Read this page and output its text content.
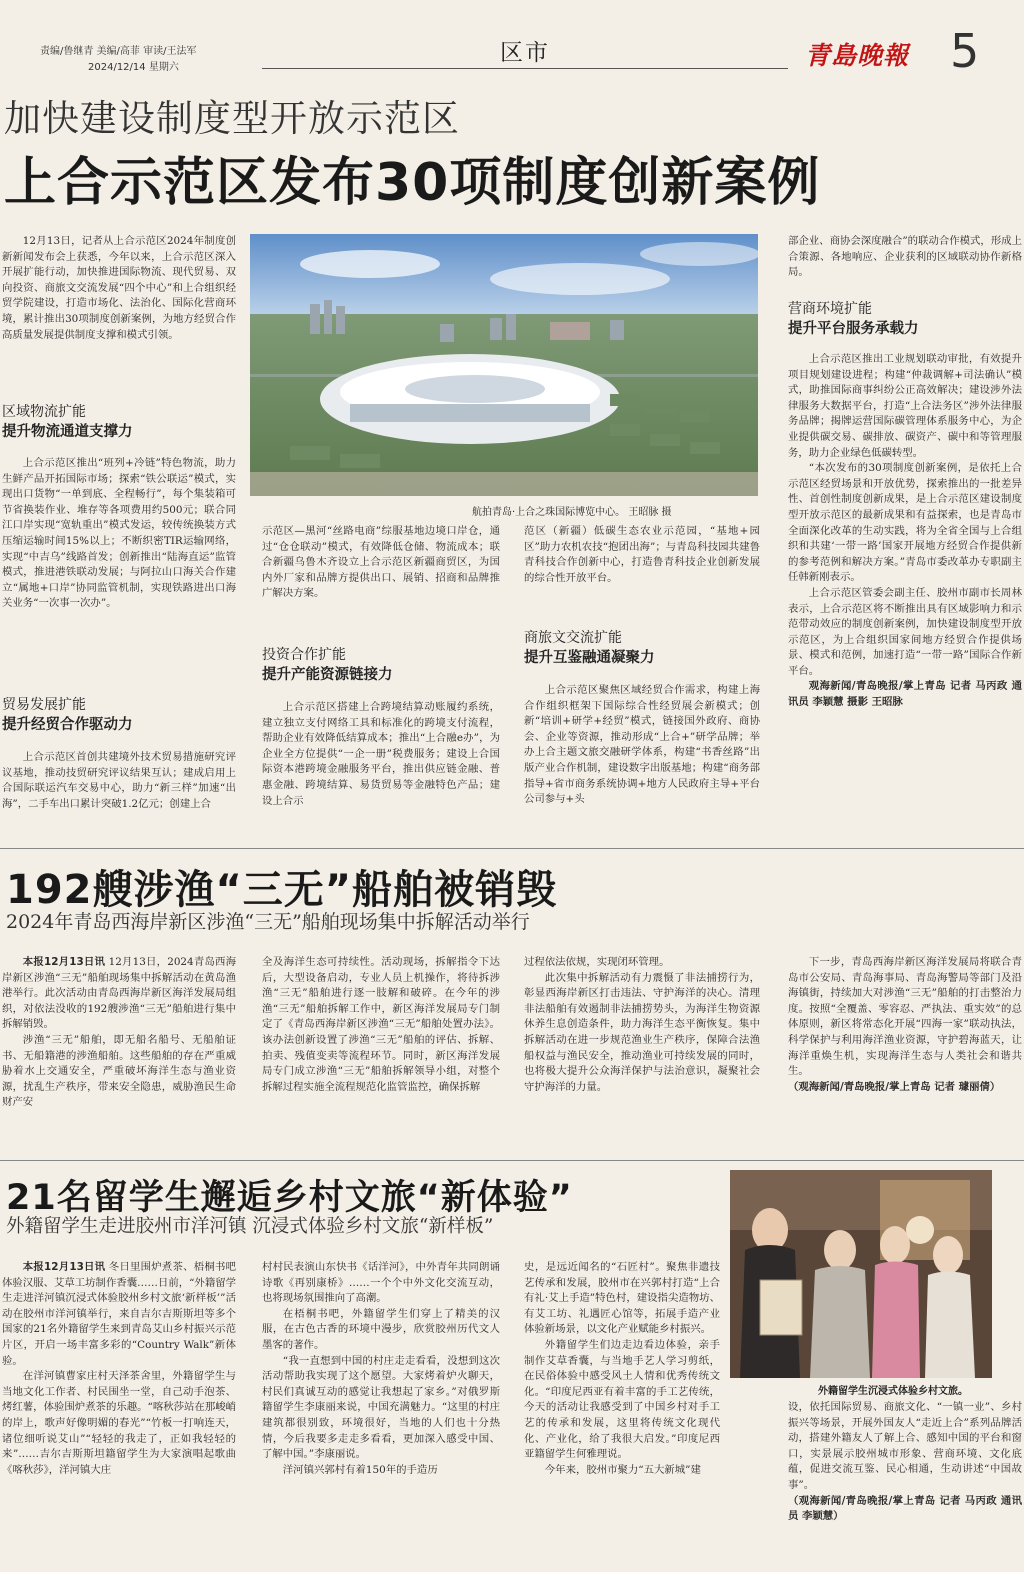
责编/鲁继青 美编/高菲 审读/王法军
2024/12/14 星期六
区市	青島晚報 5
加快建设制度型开放示范区
上合示范区发布30项制度创新案例

12月13日，记者从上合示范区2024年制度创新新闻发布会上获悉，今年以来，上合示范区深入开展扩能行动，加快推进国际物流、现代贸易、双向投资、商旅文交流发展“四个中心”和上合组织经贸学院建设，打造市场化、法治化、国际化营商环境，累计推出30项制度创新案例，为地方经贸合作高质量发展提供制度支撑和模式引领。

区域物流扩能
提升物流通道支撑力

上合示范区推出“班列+冷链”特色物流，助力生鲜产品开拓国际市场；探索“铁公联运”模式，实现出口货物“一单到底、全程畅行”，每个集装箱可节省换装作业、堆存等各项费用约500元；联合同江口岸实现“宽轨重出”模式发运，较传统换装方式压缩运输时间15%以上；不断织密TIR运输网络，实现“中吉乌”线路首发；创新推出“陆海直运”监管模式，推进港铁联动发展；与阿拉山口海关合作建立“属地+口岸”协同监管机制，实现铁路进出口海关业务“一次事一次办”。

贸易发展扩能
提升经贸合作驱动力

上合示范区首创共建境外技术贸易措施研究评议基地，推动技贸研究评议结果互认；建成启用上合国际联运汽车交易中心，助力“新三样”加速“出海”，二手车出口累计突破1.2亿元；创建上合

航拍青岛·上合之珠国际博览中心。 王昭脉 摄

示范区—黑河“丝路电商”综服基地边境口岸仓，通过“仓仓联动”模式，有效降低仓储、物流成本；联合新疆乌鲁木齐设立上合示范区新疆商贸区，为国内外厂家和品牌方提供出口、展销、招商和品牌推广解决方案。

投资合作扩能
提升产能资源链接力

上合示范区搭建上合跨境结算动账履约系统，建立独立支付网络工具和标准化的跨境支付流程，帮助企业有效降低结算成本；推出“上合融e办”，为企业全方位提供“一企一册”税费服务；建设上合国际资本港跨境金融服务平台，推出供应链金融、普惠金融、跨境结算、易货贸易等金融特色产品；建设上合示

范区（新疆）低碳生态农业示范园，“基地+园区”助力农机农技“抱团出海”；与青岛科技园共建鲁青科技合作创新中心，打造鲁青科技企业创新发展的综合性开放平台。

商旅文交流扩能
提升互鉴融通凝聚力

上合示范区聚焦区域经贸合作需求，构建上海合作组织框架下国际综合性经贸展会新模式；创新“培训+研学+经贸”模式，链接国外政府、商协会、企业等资源，推动形成“上合+”研学品牌；举办上合主题文旅交融研学体系，构建“书香丝路”出版产业合作机制，建设数字出版基地；构建“商务部指导+省市商务系统协调+地方人民政府主导+平台公司参与+头

部企业、商协会深度融合”的联动合作模式，形成上合策源、各地响应、企业获利的区域联动协作新格局。

营商环境扩能
提升平台服务承载力

上合示范区推出工业规划联动审批，有效提升项目规划建设进程；构建“仲裁调解+司法确认”模式，助推国际商事纠纷公正高效解决；建设涉外法律服务大数据平台，打造“上合法务区”涉外法律服务品牌；揭牌运营国际碳管理体系服务中心，为企业提供碳交易、碳排放、碳资产、碳中和等管理服务，助力企业绿色低碳转型。

“本次发布的30项制度创新案例，是依托上合示范区经贸场景和开放优势，探索推出的一批差异性、首创性制度创新成果，是上合示范区建设制度型开放示范区的最新成果和有益探索，也是青岛市全面深化改革的生动实践，将为全省全国与上合组织和共建‘一带一路’国家开展地方经贸合作提供新的参考范例和解决方案。”青岛市委改革办专职副主任韩新刚表示。

上合示范区管委会副主任、胶州市副市长周林表示，上合示范区将不断推出具有区域影响力和示范带动效应的制度创新案例，加快建设制度型开放示范区，为上合组织国家间地方经贸合作提供场景、模式和范例，加速打造“一带一路”国际合作新平台。

观海新闻/青岛晚报/掌上青岛 记者 马丙政 通讯员 李颖慧 摄影 王昭脉

192艘涉渔“三无”船舶被销毁
2024年青岛西海岸新区涉渔“三无”船舶现场集中拆解活动举行

本报12月13日讯 12月13日，2024青岛西海岸新区涉渔“三无”船舶现场集中拆解活动在黄岛渔港举行。此次活动由青岛西海岸新区海洋发展局组织，对依法没收的192艘涉渔“三无”船舶进行集中拆解销毁。

涉渔“三无”船舶，即无船名船号、无船舶证书、无船籍港的涉渔船舶。这些船舶的存在严重威胁着水上交通安全，严重破坏海洋生态与渔业资源，扰乱生产秩序，带来安全隐患，威胁渔民生命财产安

全及海洋生态可持续性。活动现场，拆解指令下达后，大型设备启动，专业人员上机操作，将待拆涉渔“三无”船舶进行逐一肢解和破碎。在今年的涉渔“三无”船舶拆解工作中，新区海洋发展局专门制定了《青岛西海岸新区涉渔“三无”船舶处置办法》。该办法创新设置了涉渔“三无”船舶的评估、拆解、拍卖、残值变卖等流程环节。同时，新区海洋发展局专门成立涉渔“三无”船舶拆解领导小组，对整个拆解过程实施全流程规范化监管监控，确保拆解

过程依法依规，实现闭环管理。

此次集中拆解活动有力震慑了非法捕捞行为，彰显西海岸新区打击违法、守护海洋的决心。清理非法船舶有效遏制非法捕捞势头，为海洋生物资源休养生息创造条件，助力海洋生态平衡恢复。集中拆解活动在进一步规范渔业生产秩序，保障合法渔船权益与渔民安全，推动渔业可持续发展的同时，也将极大提升公众海洋保护与法治意识，凝聚社会守护海洋的力量。

下一步，青岛西海岸新区海洋发展局将联合青岛市公安局、青岛海事局、青岛海警局等部门及沿海镇街，持续加大对涉渔“三无”船舶的打击整治力度。按照“全覆盖、零容忍、严执法、重实效”的总体原则，新区将常态化开展“四海一家”联动执法，科学保护与利用海洋渔业资源，守护碧海蓝天，让海洋重焕生机，实现海洋生态与人类社会和谐共生。

（观海新闻/青岛晚报/掌上青岛 记者 璩丽倩）

21名留学生邂逅乡村文旅“新体验”
外籍留学生走进胶州市洋河镇 沉浸式体验乡村文旅“新样板”
外籍留学生沉浸式体验乡村文旅。

本报12月13日讯 冬日里围炉煮茶、梧桐书吧体验汉服、艾草工坊制作香囊……日前，“外籍留学生走进洋河镇沉浸式体验胶州乡村文旅‘新样板’”活动在胶州市洋河镇举行，来自吉尔吉斯斯坦等多个国家的21名外籍留学生来到青岛艾山乡村振兴示范片区，开启一场丰富多彩的“Country Walk”新体验。

在洋河镇曹家庄村天泽茶舍里，外籍留学生与当地文化工作者、村民围坐一堂，自己动手泡茶、烤红薯，体验围炉煮茶的乐趣。“喀秋莎站在那峻峭的岸上，歌声好像明媚的春光”“竹板一打响连天，诸位细听说艾山”“轻轻的我走了，正如我轻轻的来”……吉尔吉斯斯坦籍留学生为大家演唱起歌曲《喀秋莎》，洋河镇大庄

村村民表演山东快书《话洋河》，中外青年共同朗诵诗歌《再别康桥》……一个个中外文化交流互动，也将现场氛围推向了高潮。

在梧桐书吧，外籍留学生们穿上了精美的汉服，在古色古香的环境中漫步，欣赏胶州历代文人墨客的著作。

“我一直想到中国的村庄走走看看，没想到这次活动帮助我实现了这个愿望。大家烤着炉火聊天，村民们真诚互动的感觉让我想起了家乡。”对俄罗斯籍留学生李康丽来说，中国充满魅力。“这里的村庄建筑都很别致，环境很好，当地的人们也十分热情，今后我要多走走多看看，更加深入感受中国、了解中国。”李康丽说。

洋河镇兴郭村有着150年的手造历

史，是远近闻名的“石匠村”。聚焦非遗技艺传承和发展，胶州市在兴郭村打造“上合有礼·艾上手造”特色村，建设指尖造物坊、有艾工坊、礼遇匠心馆等，拓展手造产业体验新场景，以文化产业赋能乡村振兴。

外籍留学生们边走边看边体验，亲手制作艾草香囊，与当地手艺人学习剪纸，在民俗体验中感受风土人情和优秀传统文化。“印度尼西亚有着丰富的手工艺传统，今天的活动让我感受到了中国乡村对手工艺的传承和发展，这里将传统文化现代化、产业化，给了我很大启发。”印度尼西亚籍留学生何雅理说。

今年来，胶州市聚力“五大新城”建

设，依托国际贸易、商旅文化、“一镇一业”、乡村振兴等场景，开展外国友人“走近上合”系列品牌活动，搭建外籍友人了解上合、感知中国的平台和窗口，实景展示胶州城市形象、营商环境、文化底蕴，促进交流互鉴、民心相通，生动讲述“中国故事”。

（观海新闻/青岛晚报/掌上青岛 记者 马丙政 通讯员 李颖慧）
